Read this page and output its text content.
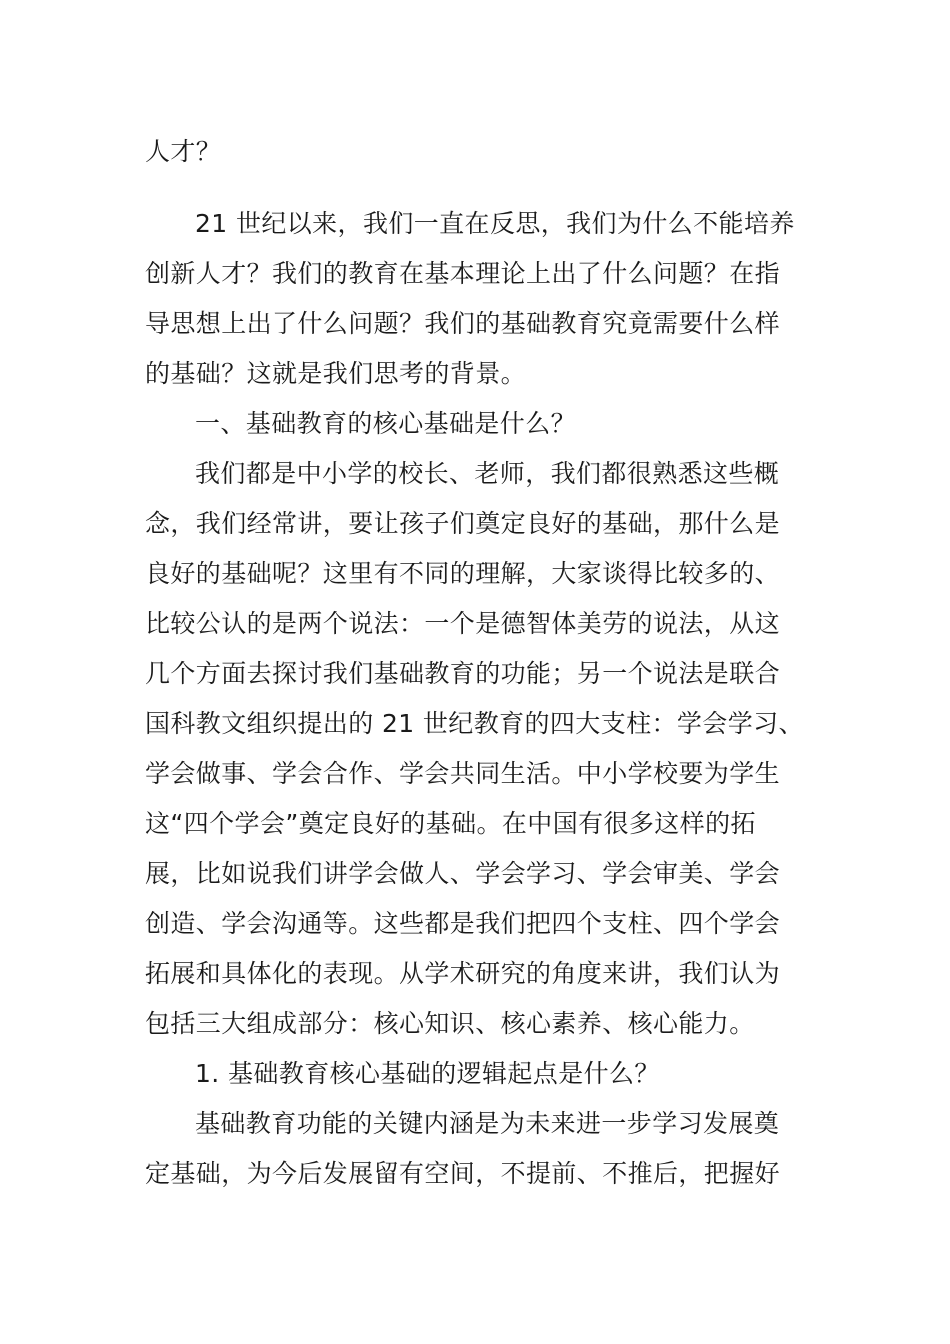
人才？
21 世纪以来，我们一直在反思，我们为什么不能培养
创新人才？我们的教育在基本理论上出了什么问题？在指
导思想上出了什么问题？我们的基础教育究竟需要什么样
的基础？这就是我们思考的背景。
一、基础教育的核心基础是什么？
我们都是中小学的校长、老师，我们都很熟悉这些概
念，我们经常讲，要让孩子们奠定良好的基础，那什么是
良好的基础呢？这里有不同的理解，大家谈得比较多的、
比较公认的是两个说法：一个是德智体美劳的说法，从这
几个方面去探讨我们基础教育的功能；另一个说法是联合
国科教文组织提出的 21 世纪教育的四大支柱：学会学习、
学会做事、学会合作、学会共同生活。中小学校要为学生
这“四个学会”奠定良好的基础。在中国有很多这样的拓
展，比如说我们讲学会做人、学会学习、学会审美、学会
创造、学会沟通等。这些都是我们把四个支柱、四个学会
拓展和具体化的表现。从学术研究的角度来讲，我们认为
包括三大组成部分：核心知识、核心素养、核心能力。
1. 基础教育核心基础的逻辑起点是什么？
基础教育功能的关键内涵是为未来进一步学习发展奠
定基础，为今后发展留有空间，不提前、不推后，把握好
